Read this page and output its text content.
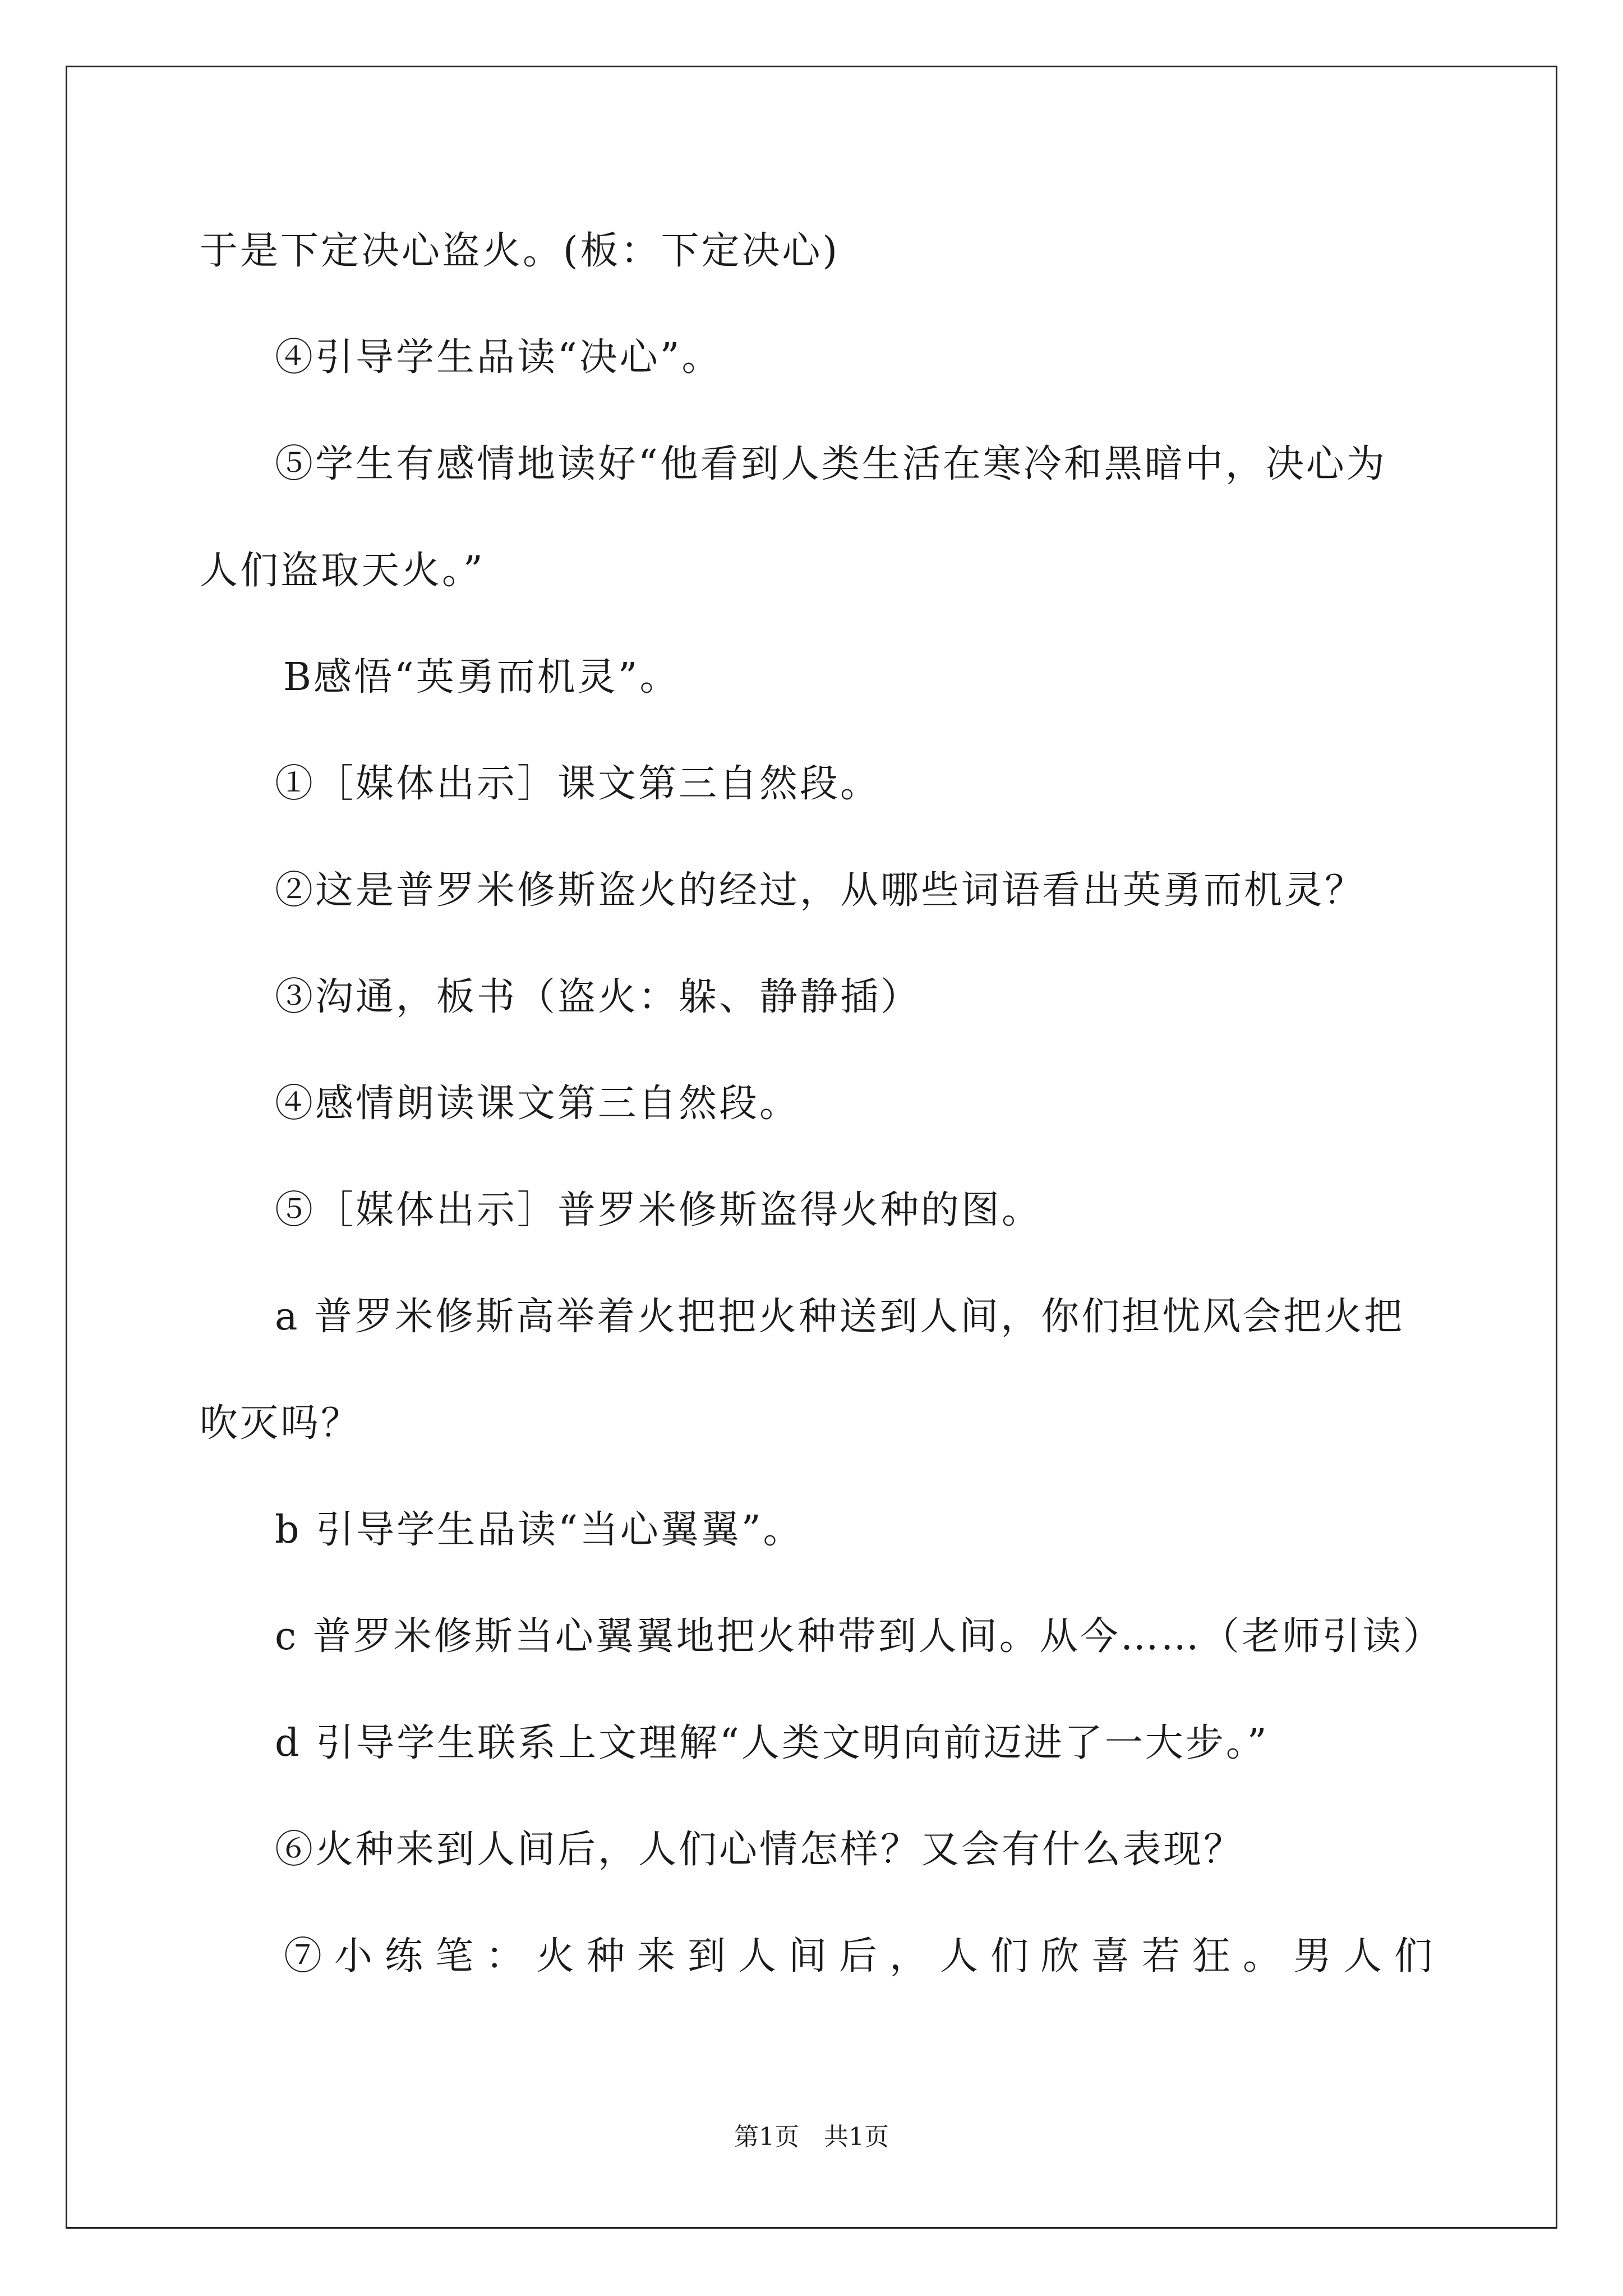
于是下定决心盗火。(板：下定决心)

④引导学生品读“决心”。

⑤学生有感情地读好“他看到人类生活在寒冷和黑暗中，决心为

人们盗取天火。”

B感悟“英勇而机灵”。

①［媒体出示］课文第三自然段。

②这是普罗米修斯盗火的经过，从哪些词语看出英勇而机灵？

③沟通，板书（盗火：躲、静静插）

④感情朗读课文第三自然段。

⑤［媒体出示］普罗米修斯盗得火种的图。

a 普罗米修斯高举着火把把火种送到人间，你们担忧风会把火把

吹灭吗？

b 引导学生品读“当心翼翼”。

c 普罗米修斯当心翼翼地把火种带到人间。从今……（老师引读）

d 引导学生联系上文理解“人类文明向前迈进了一大步。”

⑥火种来到人间后，人们心情怎样？又会有什么表现？

⑦小练笔：火种来到人间后，人们欣喜若狂。男人们

第1页　共1页
